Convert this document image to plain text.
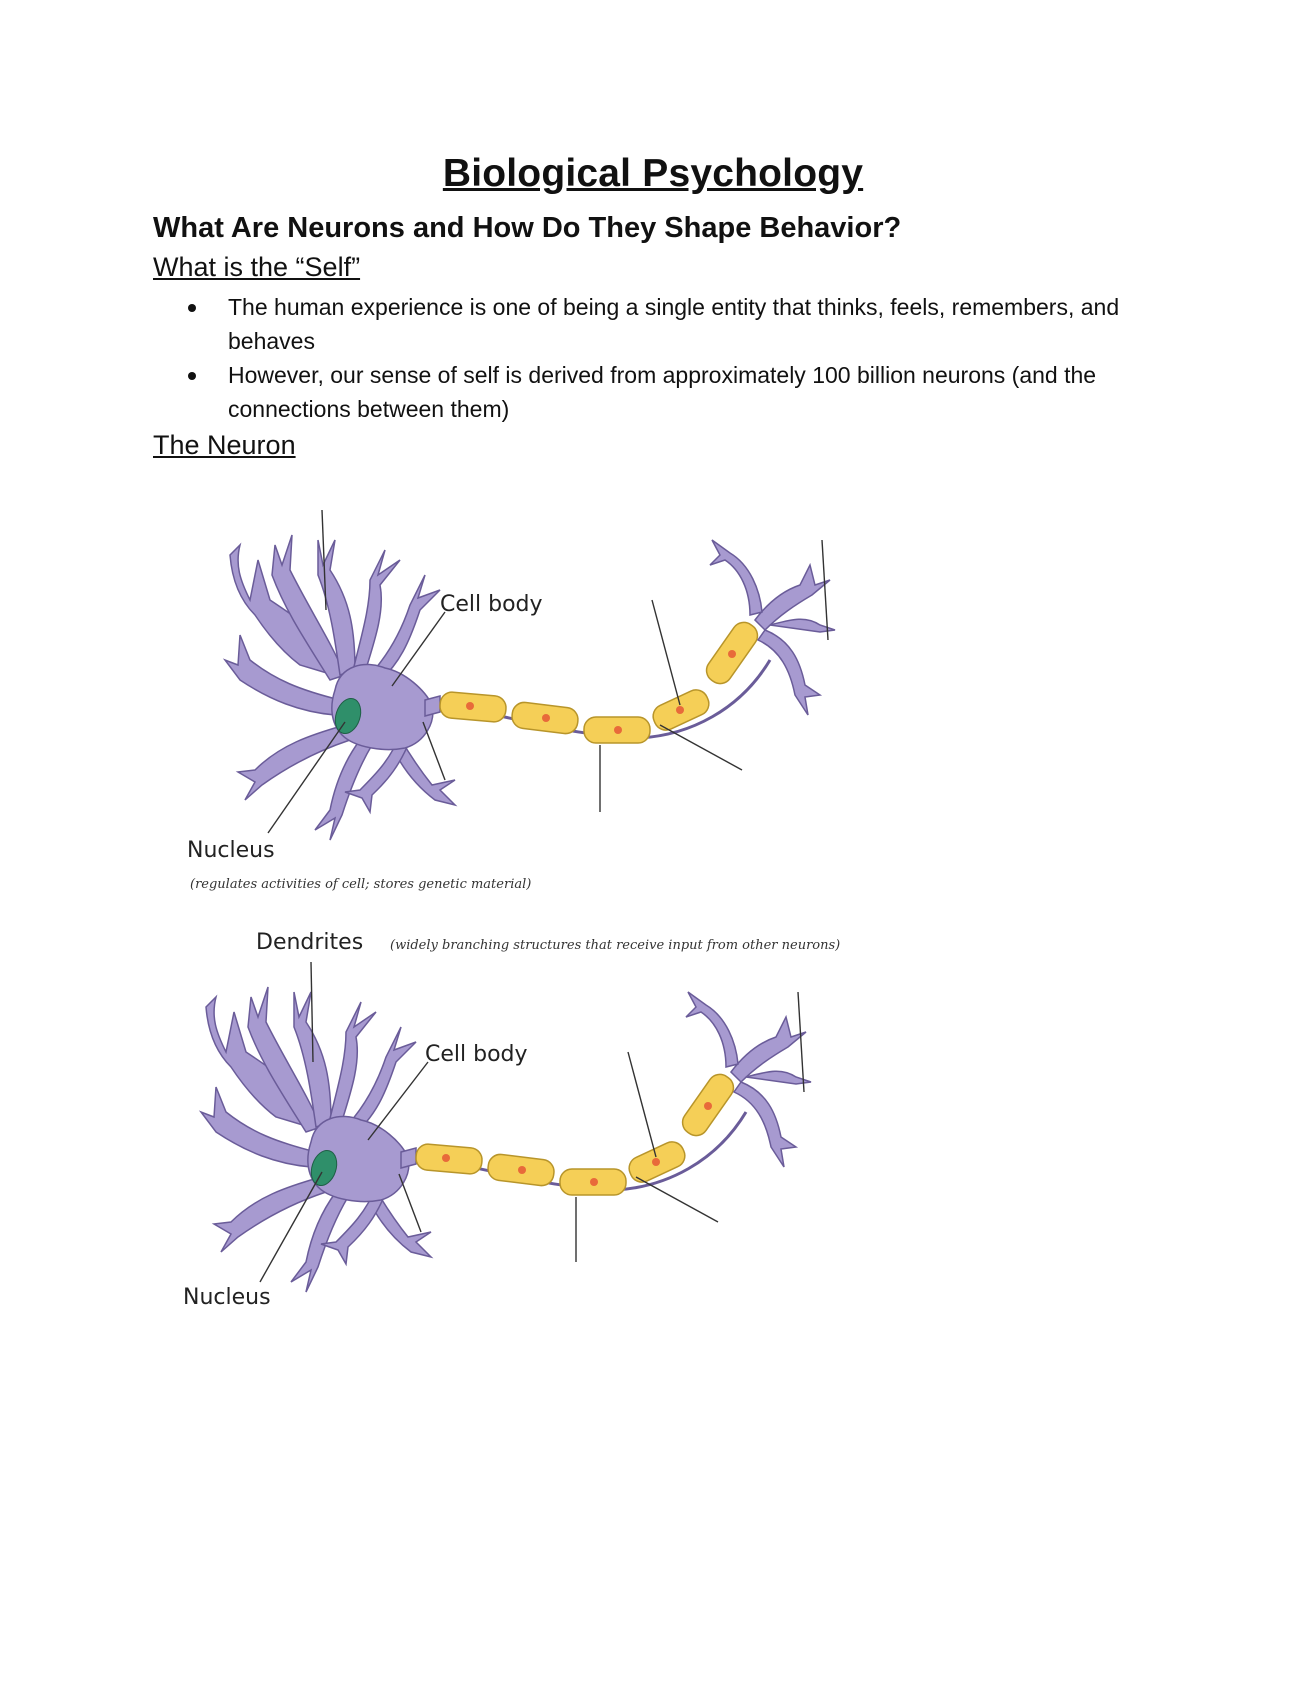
Biological Psychology
What Are Neurons and How Do They Shape Behavior?
What is the “Self”
The human experience is one of being a single entity that thinks, feels, remembers, and behaves
However, our sense of self is derived from approximately 100 billion neurons (and the connections between them)
The Neuron
Cell body
Nucleus
(regulates activities of cell; stores genetic material)
Dendrites (widely branching structures that receive input from other neurons)
Cell body
Nucleus
